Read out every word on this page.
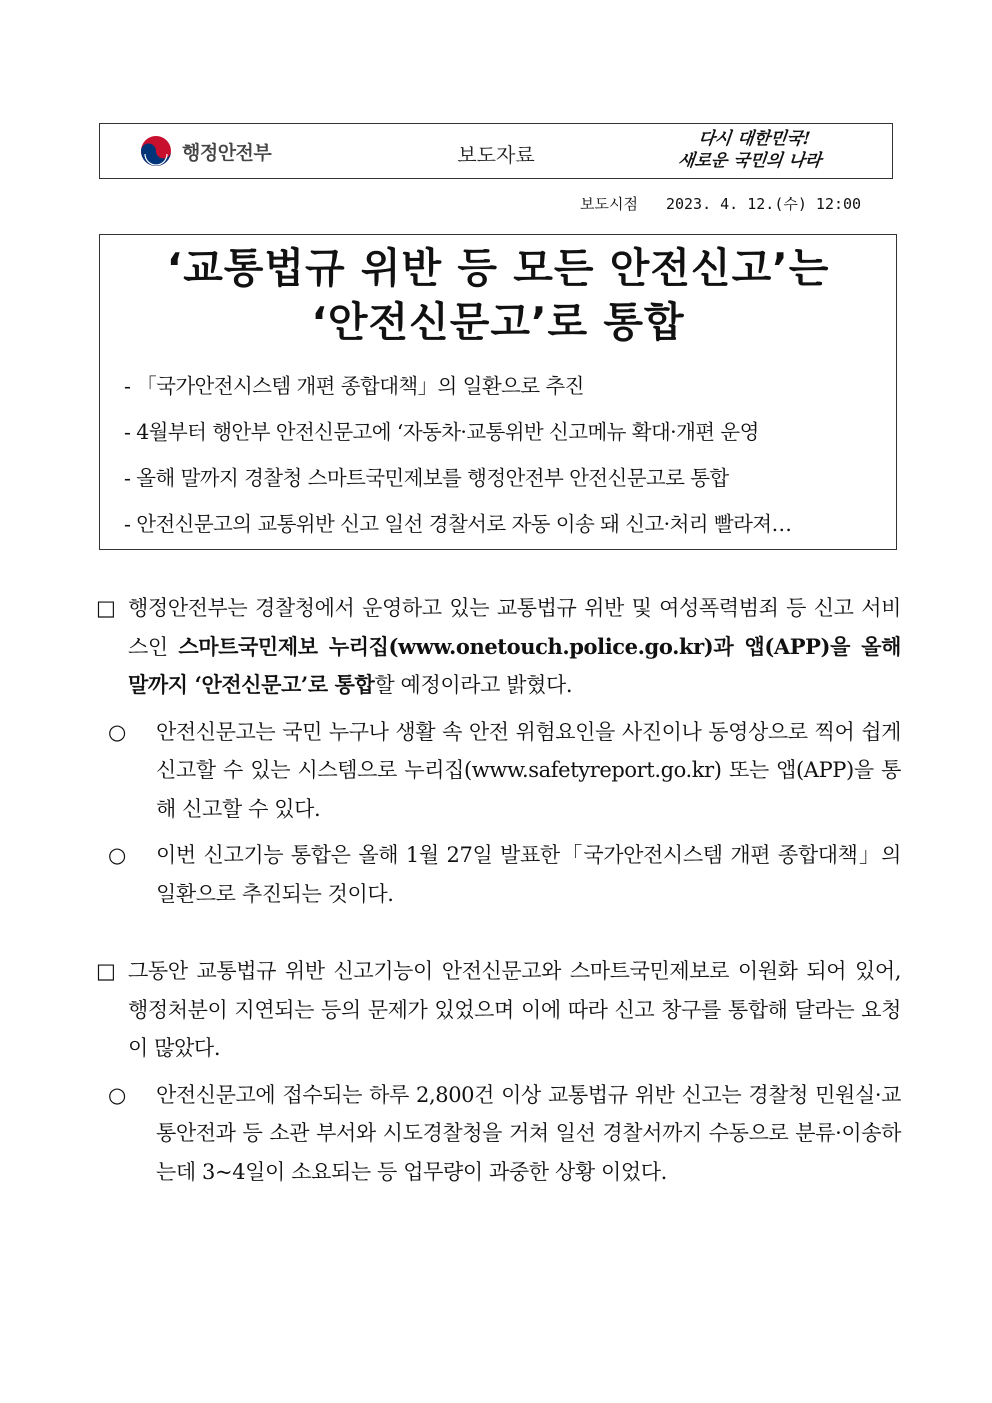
행정안전부	보도자료
다시 대한민국!
새로운 국민의 나라
보도시점 2023. 4. 12.(수) 12:00
‘교통법규 위반 등 모든 안전신고’는
‘안전신문고’로 통합
- 「국가안전시스템 개편 종합대책」의 일환으로 추진
- 4월부터 행안부 안전신문고에 ‘자동차·교통위반 신고메뉴 확대·개편 운영
- 올해 말까지 경찰청 스마트국민제보를 행정안전부 안전신문고로 통합
- 안전신문고의 교통위반 신고 일선 경찰서로 자동 이송 돼 신고·처리 빨라져…
□ 행정안전부는 경찰청에서 운영하고 있는 교통법규 위반 및 여성폭력범죄 등 신고 서비스인 스마트국민제보 누리집(www.onetouch.police.go.kr)과 앱(APP)을 올해 말까지 ‘안전신문고’로 통합할 예정이라고 밝혔다.
○ 안전신문고는 국민 누구나 생활 속 안전 위험요인을 사진이나 동영상으로 찍어 쉽게 신고할 수 있는 시스템으로 누리집(www.safetyreport.go.kr) 또는 앱(APP)을 통해 신고할 수 있다.
○ 이번 신고기능 통합은 올해 1월 27일 발표한「국가안전시스템 개편 종합대책」의 일환으로 추진되는 것이다.
□ 그동안 교통법규 위반 신고기능이 안전신문고와 스마트국민제보로 이원화 되어 있어, 행정처분이 지연되는 등의 문제가 있었으며 이에 따라 신고 창구를 통합해 달라는 요청이 많았다.
○ 안전신문고에 접수되는 하루 2,800건 이상 교통법규 위반 신고는 경찰청 민원실·교통안전과 등 소관 부서와 시도경찰청을 거쳐 일선 경찰서까지 수동으로 분류·이송하는데 3~4일이 소요되는 등 업무량이 과중한 상황 이었다.
